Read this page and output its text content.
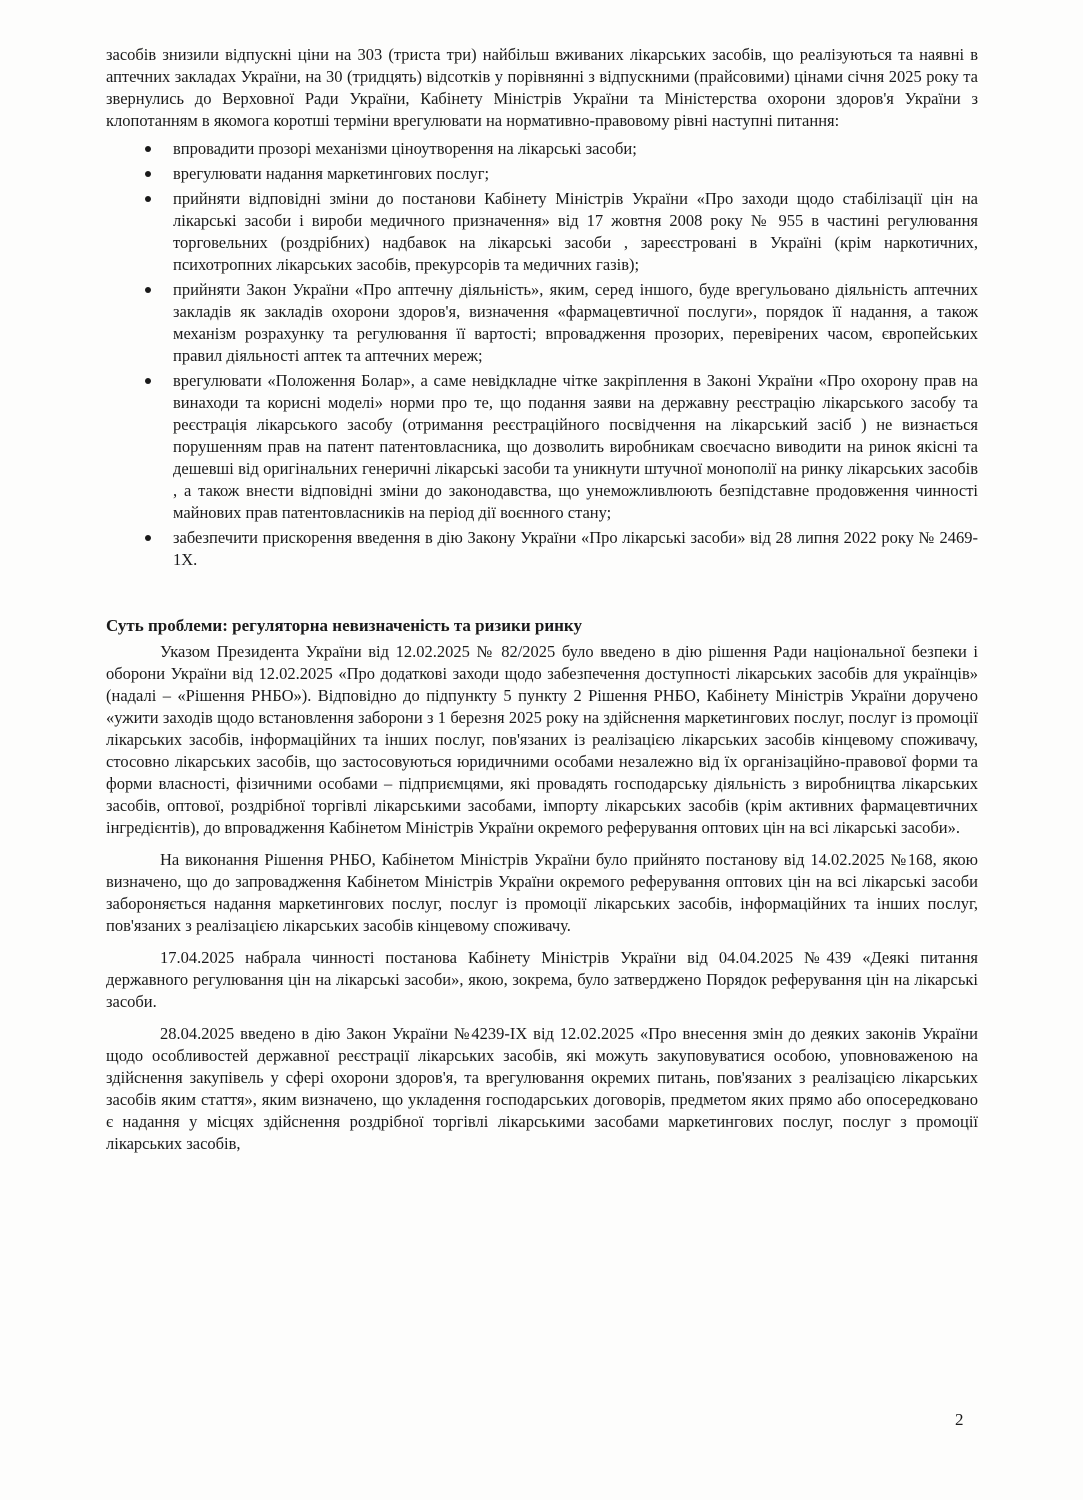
засобів знизили відпускні ціни на 303 (триста три) найбільш вживаних лікарських засобів, що реалізуються та наявні в аптечних закладах України, на 30 (тридцять) відсотків у порівнянні з відпускними (прайсовими) цінами січня 2025 року та звернулись до Верховної Ради України, Кабінету Міністрів України та Міністерства охорони здоров'я України з клопотанням в якомога коротші терміни врегулювати на нормативно-правовому рівні наступні питання:

впровадити прозорі механізми ціноутворення на лікарські засоби;
врегулювати надання маркетингових послуг;
прийняти відповідні зміни до постанови Кабінету Міністрів України «Про заходи щодо стабілізації цін на лікарські засоби і вироби медичного призначення» від 17 жовтня 2008 року № 955 в частині регулювання торговельних (роздрібних) надбавок на лікарські засоби , зареєстровані в Україні (крім наркотичних, психотропних лікарських засобів, прекурсорів та медичних газів);
прийняти Закон України «Про аптечну діяльність», яким, серед іншого, буде врегульовано діяльність аптечних закладів як закладів охорони здоров'я, визначення «фармацевтичної послуги», порядок її надання, а також механізм розрахунку та регулювання її вартості; впровадження прозорих, перевірених часом, європейських правил діяльності аптек та аптечних мереж;
врегулювати «Положення Болар», а саме невідкладне чітке закріплення в Законі України «Про охорону прав на винаходи та корисні моделі» норми про те, що подання заяви на державну реєстрацію лікарського засобу та реєстрація лікарського засобу (отримання реєстраційного посвідчення на лікарський засіб ) не визнається порушенням прав на патент патентовласника, що дозволить виробникам своєчасно виводити на ринок якісні та дешевші від оригінальних генеричні лікарські засоби та уникнути штучної монополії на ринку лікарських засобів , а також внести відповідні зміни до законодавства, що унеможливлюють безпідставне продовження чинності майнових прав патентовласників на період дії воєнного стану;
забезпечити прискорення введення в дію Закону України «Про лікарські засоби» від 28 липня 2022 року № 2469-1Х.
Суть проблеми: регуляторна невизначеність та ризики ринку

Указом Президента України від 12.02.2025 № 82/2025 було введено в дію рішення Ради національної безпеки і оборони України від 12.02.2025 «Про додаткові заходи щодо забезпечення доступності лікарських засобів для українців» (надалі – «Рішення РНБО»). Відповідно до підпункту 5 пункту 2 Рішення РНБО, Кабінету Міністрів України доручено «ужити заходів щодо встановлення заборони з 1 березня 2025 року на здійснення маркетингових послуг, послуг із промоції лікарських засобів, інформаційних та інших послуг, пов'язаних із реалізацією лікарських засобів кінцевому споживачу, стосовно лікарських засобів, що застосовуються юридичними особами незалежно від їх організаційно-правової форми та форми власності, фізичними особами – підприємцями, які провадять господарську діяльність з виробництва лікарських засобів, оптової, роздрібної торгівлі лікарськими засобами, імпорту лікарських засобів (крім активних фармацевтичних інгредієнтів), до впровадження Кабінетом Міністрів України окремого реферування оптових цін на всі лікарські засоби».

На виконання Рішення РНБО, Кабінетом Міністрів України було прийнято постанову від 14.02.2025 №168, якою визначено, що до запровадження Кабінетом Міністрів України окремого реферування оптових цін на всі лікарські засоби забороняється надання маркетингових послуг, послуг із промоції лікарських засобів, інформаційних та інших послуг, пов'язаних з реалізацією лікарських засобів кінцевому споживачу.

17.04.2025 набрала чинності постанова Кабінету Міністрів України від 04.04.2025 №439 «Деякі питання державного регулювання цін на лікарські засоби», якою, зокрема, було затверджено Порядок реферування цін на лікарські засоби.

28.04.2025 введено в дію Закон України №4239-IX від 12.02.2025 «Про внесення змін до деяких законів України щодо особливостей державної реєстрації лікарських засобів, які можуть закуповуватися особою, уповноваженою на здійснення закупівель у сфері охорони здоров'я, та врегулювання окремих питань, пов'язаних з реалізацією лікарських засобів яким стаття», яким визначено, що укладення господарських договорів, предметом яких прямо або опосередковано є надання у місцях здійснення роздрібної торгівлі лікарськими засобами маркетингових послуг, послуг з промоції лікарських засобів,

2
